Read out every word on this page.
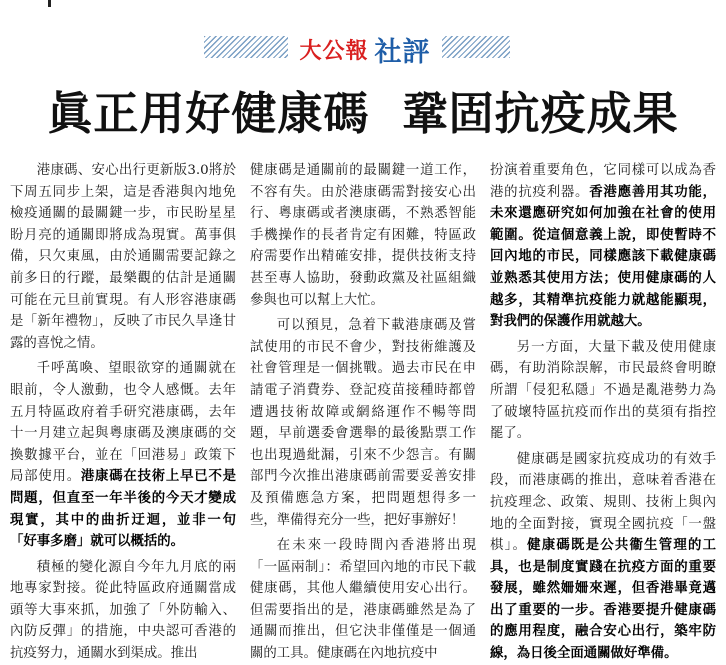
大公報 社評
眞正用好健康碼  鞏固抗疫成果

港康碼、安心出行更新版3.0將於下周五同步上架，這是香港與內地免檢疫通關的最關鍵一步，市民盼星星盼月亮的通關即將成為現實。萬事俱備，只欠東風，由於通關需要記錄之前多日的行蹤，最樂觀的估計是通關可能在元旦前實現。有人形容港康碼是「新年禮物」，反映了市民久旱逢甘露的喜悅之情。

千呼萬喚、望眼欲穿的通關就在眼前，令人激動，也令人感慨。去年五月特區政府着手研究港康碼，去年十一月建立起與粵康碼及澳康碼的交換數據平台，並在「回港易」政策下局部使用。港康碼在技術上早已不是問題，但直至一年半後的今天才變成現實，其中的曲折迂迴，並非一句「好事多磨」就可以概括的。

積極的變化源自今年九月底的兩地專家對接。從此特區政府通關當成頭等大事來抓，加強了「外防輸入、內防反彈」的措施，中央認可香港的抗疫努力，通關水到渠成。推出

健康碼是通關前的最關鍵一道工作，不容有失。由於港康碼需對接安心出行、粵康碼或者澳康碼，不熟悉智能手機操作的長者肯定有困難，特區政府需要作出精確安排，提供技術支持甚至專人協助，發動政黨及社區組織參與也可以幫上大忙。

可以預見，急着下載港康碼及嘗試使用的市民不會少，對技術維護及社會管理是一個挑戰。過去市民在申請電子消費券、登記疫苗接種時都曾遭遇技術故障或網絡運作不暢等問題，早前選委會選舉的最後點票工作也出現過紕漏，引來不少怨言。有關部門今次推出港康碼前需要妥善安排及預備應急方案，把問題想得多一些，準備得充分一些，把好事辦好！

在未來一段時間內香港將出現「一區兩制」：希望回內地的市民下載健康碼，其他人繼續使用安心出行。但需要指出的是，港康碼雖然是為了通關而推出，但它決非僅僅是一個通關的工具。健康碼在內地抗疫中

扮演着重要角色，它同樣可以成為香港的抗疫利器。香港應善用其功能，未來還應研究如何加強在社會的使用範圍。從這個意義上說，即使暫時不回內地的市民，同樣應該下載健康碼並熟悉其使用方法；使用健康碼的人越多，其精準抗疫能力就越能顯現，對我們的保護作用就越大。

另一方面，大量下載及使用健康碼，有助消除誤解，市民最終會明瞭所謂「侵犯私隱」不過是亂港勢力為了破壞特區抗疫而作出的莫須有指控罷了。

健康碼是國家抗疫成功的有效手段，而港康碼的推出，意味着香港在抗疫理念、政策、規則、技術上與內地的全面對接，實現全國抗疫「一盤棋」。健康碼既是公共衞生管理的工具，也是制度實踐在抗疫方面的重要發展，雖然姍姍來遲，但香港畢竟邁出了重要的一步。香港要提升健康碼的應用程度，融合安心出行，築牢防線，為日後全面通關做好準備。
